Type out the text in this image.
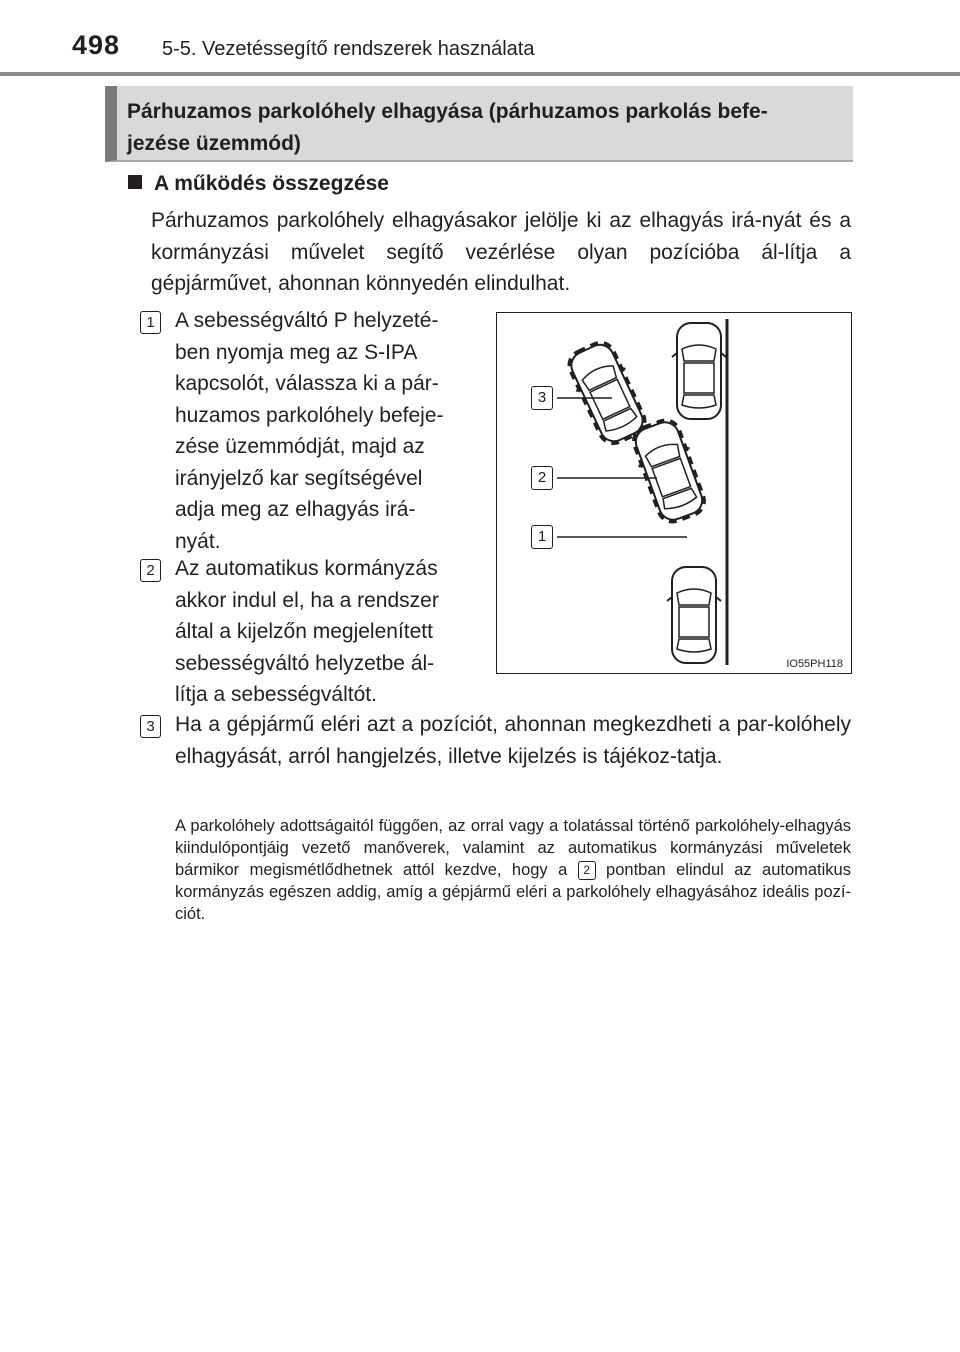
498 5-5. Vezetéssegítő rendszerek használata
Párhuzamos parkolóhely elhagyása (párhuzamos parkolás befe-
jezése üzemmód)
A működés összegzése
Párhuzamos parkolóhely elhagyásakor jelölje ki az elhagyás irá-nyát és a kormányzási művelet segítő vezérlése olyan pozícióba ál-lítja a gépjárművet, ahonnan könnyedén elindulhat.
1 A sebességváltó P helyzeté-
ben nyomja meg az S-IPA
kapcsolót, válassza ki a pár-
huzamos parkolóhely befeje-
zése üzemmódját, majd az
irányjelző kar segítségével
adja meg az elhagyás irá-
nyát.
2 Az automatikus kormányzás
akkor indul el, ha a rendszer
által a kijelzőn megjelenített
sebességváltó helyzetbe ál-
lítja a sebességváltót.
3 Ha a gépjármű eléri azt a pozíciót, ahonnan megkezdheti a par-kolóhely elhagyását, arról hangjelzés, illetve kijelzés is tájékoz-tatja.
A parkolóhely adottságaitól függően, az orral vagy a tolatással történő parkolóhely-elhagyás kiindulópontjáig vezető manőverek, valamint az automatikus kormányzási műveletek bármikor megismétlődhetnek attól kezdve, hogy a 2 pontban elindul az automatikus kormányzás egészen addig, amíg a gépjármű eléri a parkolóhely elhagyásához ideális pozí-ciót.
3
2
1
IO55PH118
